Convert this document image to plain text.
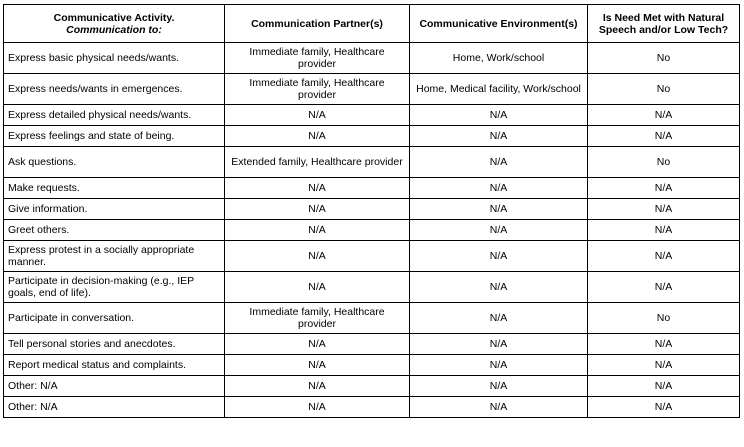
Communicative Activity.
Communication to:	Communication Partner(s)	Communicative Environment(s)	Is Need Met with Natural Speech and/or Low Tech?
Express basic physical needs/wants.	Immediate family, Healthcare provider	Home, Work/school	No
Express needs/wants in emergences.	Immediate family, Healthcare provider	Home, Medical facility, Work/school	No
Express detailed physical needs/wants.	N/A	N/A	N/A
Express feelings and state of being.	N/A	N/A	N/A
Ask questions.	Extended family, Healthcare provider	N/A	No
Make requests.	N/A	N/A	N/A
Give information.	N/A	N/A	N/A
Greet others.	N/A	N/A	N/A
Express protest in a socially appropriate manner.	N/A	N/A	N/A
Participate in decision-making (e.g., IEP goals, end of life).	N/A	N/A	N/A
Participate in conversation.	Immediate family, Healthcare provider	N/A	No
Tell personal stories and anecdotes.	N/A	N/A	N/A
Report medical status and complaints.	N/A	N/A	N/A
Other: N/A	N/A	N/A	N/A
Other: N/A	N/A	N/A	N/A
